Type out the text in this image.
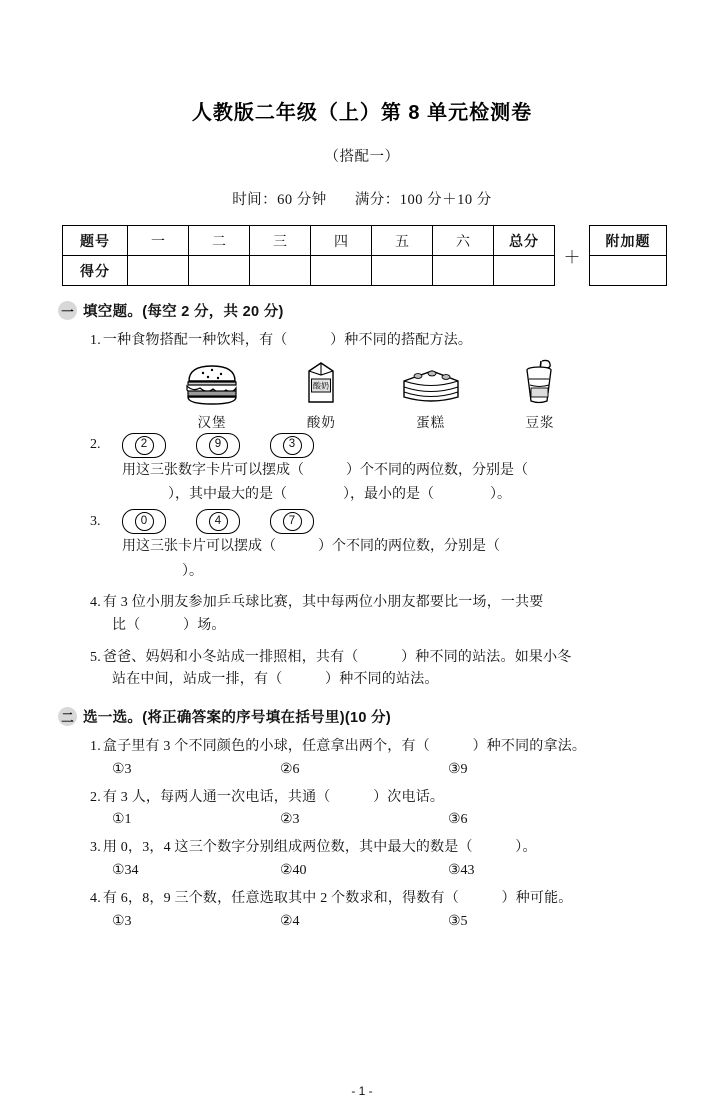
人教版二年级（上）第 8 单元检测卷
（搭配一）
时间：60 分钟 满分：100 分＋10 分
题号	一	二	三	四	五	六	总分
得分							
＋
附加题

一 填空题。(每空 2 分，共 20 分)
1. 一种食物搭配一种饮料，有（　　　）种不同的搭配方法。
汉堡
酸奶
酸奶	蛋糕	豆浆
2.	2	9	3
用这三张数字卡片可以摆成（　　　）个不同的两位数，分别是（
　　　　），其中最大的是（　　　　），最小的是（　　　　）。
3.	0	4	7
用这三张卡片可以摆成（　　　）个不同的两位数，分别是（
　　　　　）。
4. 有 3 位小朋友参加乒乓球比赛，其中每两位小朋友都要比一场，一共要
比（　　　）场。
5. 爸爸、妈妈和小冬站成一排照相，共有（　　　）种不同的站法。如果小冬
站在中间，站成一排，有（　　　）种不同的站法。
二 选一选。(将正确答案的序号填在括号里)(10 分)
1. 盒子里有 3 个不同颜色的小球，任意拿出两个，有（　　　）种不同的拿法。
①3	②6	③9
2. 有 3 人，每两人通一次电话，共通（　　　）次电话。
①1	②3	③6
3. 用 0，3，4 这三个数字分别组成两位数，其中最大的数是（　　　）。
①34	②40	③43
4. 有 6，8，9 三个数，任意选取其中 2 个数求和，得数有（　　　）种可能。
①3	②4	③5
- 1 -
